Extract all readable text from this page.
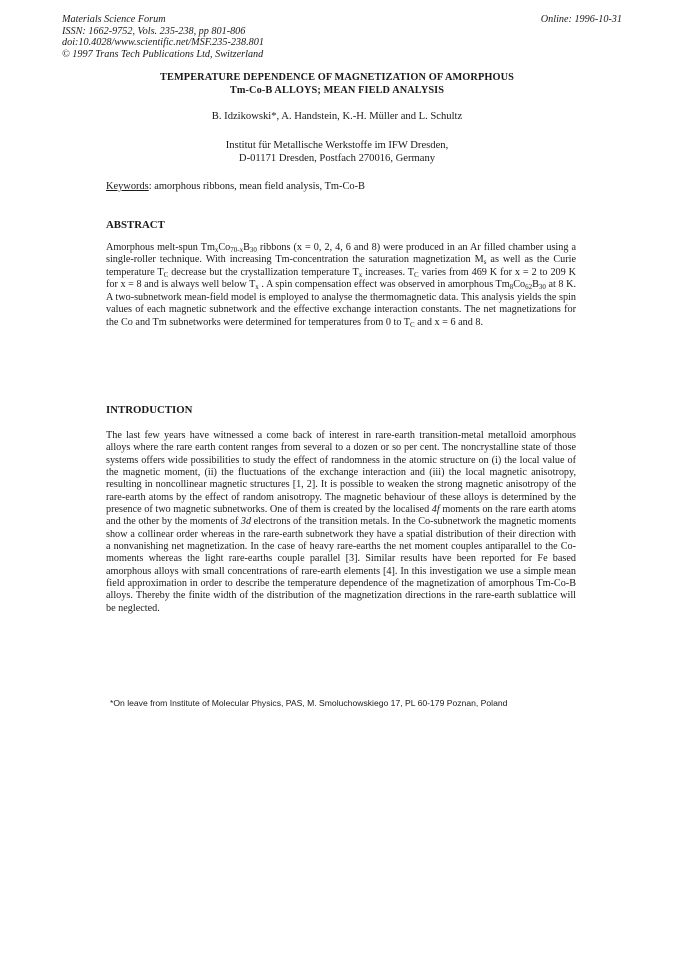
Materials Science Forum
ISSN: 1662-9752, Vols. 235-238, pp 801-806
doi:10.4028/www.scientific.net/MSF.235-238.801
© 1997 Trans Tech Publications Ltd, Switzerland
Online: 1996-10-31
TEMPERATURE DEPENDENCE OF MAGNETIZATION OF AMORPHOUS
Tm-Co-B ALLOYS; MEAN FIELD ANALYSIS
B. Idzikowski*, A. Handstein, K.-H. Müller and L. Schultz
Institut für Metallische Werkstoffe im IFW Dresden,
D-01171 Dresden, Postfach 270016, Germany
Keywords: amorphous ribbons, mean field analysis, Tm-Co-B
ABSTRACT
Amorphous melt-spun $Tm_xCo_{70-x}B_{30}$ ribbons (x = 0, 2, 4, 6 and 8) were produced in an Ar filled chamber using a single-roller technique. With increasing Tm-concentration the saturation magnetization $M_s$ as well as the Curie temperature $T_C$ decrease but the crystallization temperature $T_x$ increases. $T_C$ varies from 469 K for x = 2 to 209 K for x = 8 and is always well below $T_x$ . A spin compensation effect was observed in amorphous $Tm_8Co_{62}B_{30}$ at 8 K. A two-subnetwork mean-field model is employed to analyse the thermomagnetic data. This analysis yields the spin values of each magnetic subnetwork and the effective exchange interaction constants. The net magnetizations for the Co and Tm subnetworks were determined for temperatures from 0 to $T_C$ and x = 6 and 8.
INTRODUCTION
The last few years have witnessed a come back of interest in rare-earth transition-metal metalloid amorphous alloys where the rare earth content ranges from several to a dozen or so per cent. The noncrystalline state of those systems offers wide possibilities to study the effect of randomness in the atomic structure on (i) the local value of the magnetic moment, (ii) the fluctuations of the exchange interaction and (iii) the local magnetic anisotropy, resulting in noncollinear magnetic structures [1, 2]. It is possible to weaken the strong magnetic anisotropy of the rare-earth atoms by the effect of random anisotropy. The magnetic behaviour of these alloys is determined by the presence of two magnetic subnetworks. One of them is created by the localised 4f moments on the rare earth atoms and the other by the moments of 3d electrons of the transition metals. In the Co-subnetwork the magnetic moments show a collinear order whereas in the rare-earth subnetwork they have a spatial distribution of their direction with a nonvanishing net magnetization. In the case of heavy rare-earths the net moment couples antiparallel to the Co-moments whereas the light rare-earths couple parallel [3]. Similar results have been reported for Fe based amorphous alloys with small concentrations of rare-earth elements [4]. In this investigation we use a simple mean field approximation in order to describe the temperature dependence of the magnetization of amorphous Tm-Co-B alloys. Thereby the finite width of the distribution of the magnetization directions in the rare-earth sublattice will be neglected.
*On leave from Institute of Molecular Physics, PAS, M. Smoluchowskiego 17, PL 60-179 Poznan, Poland
